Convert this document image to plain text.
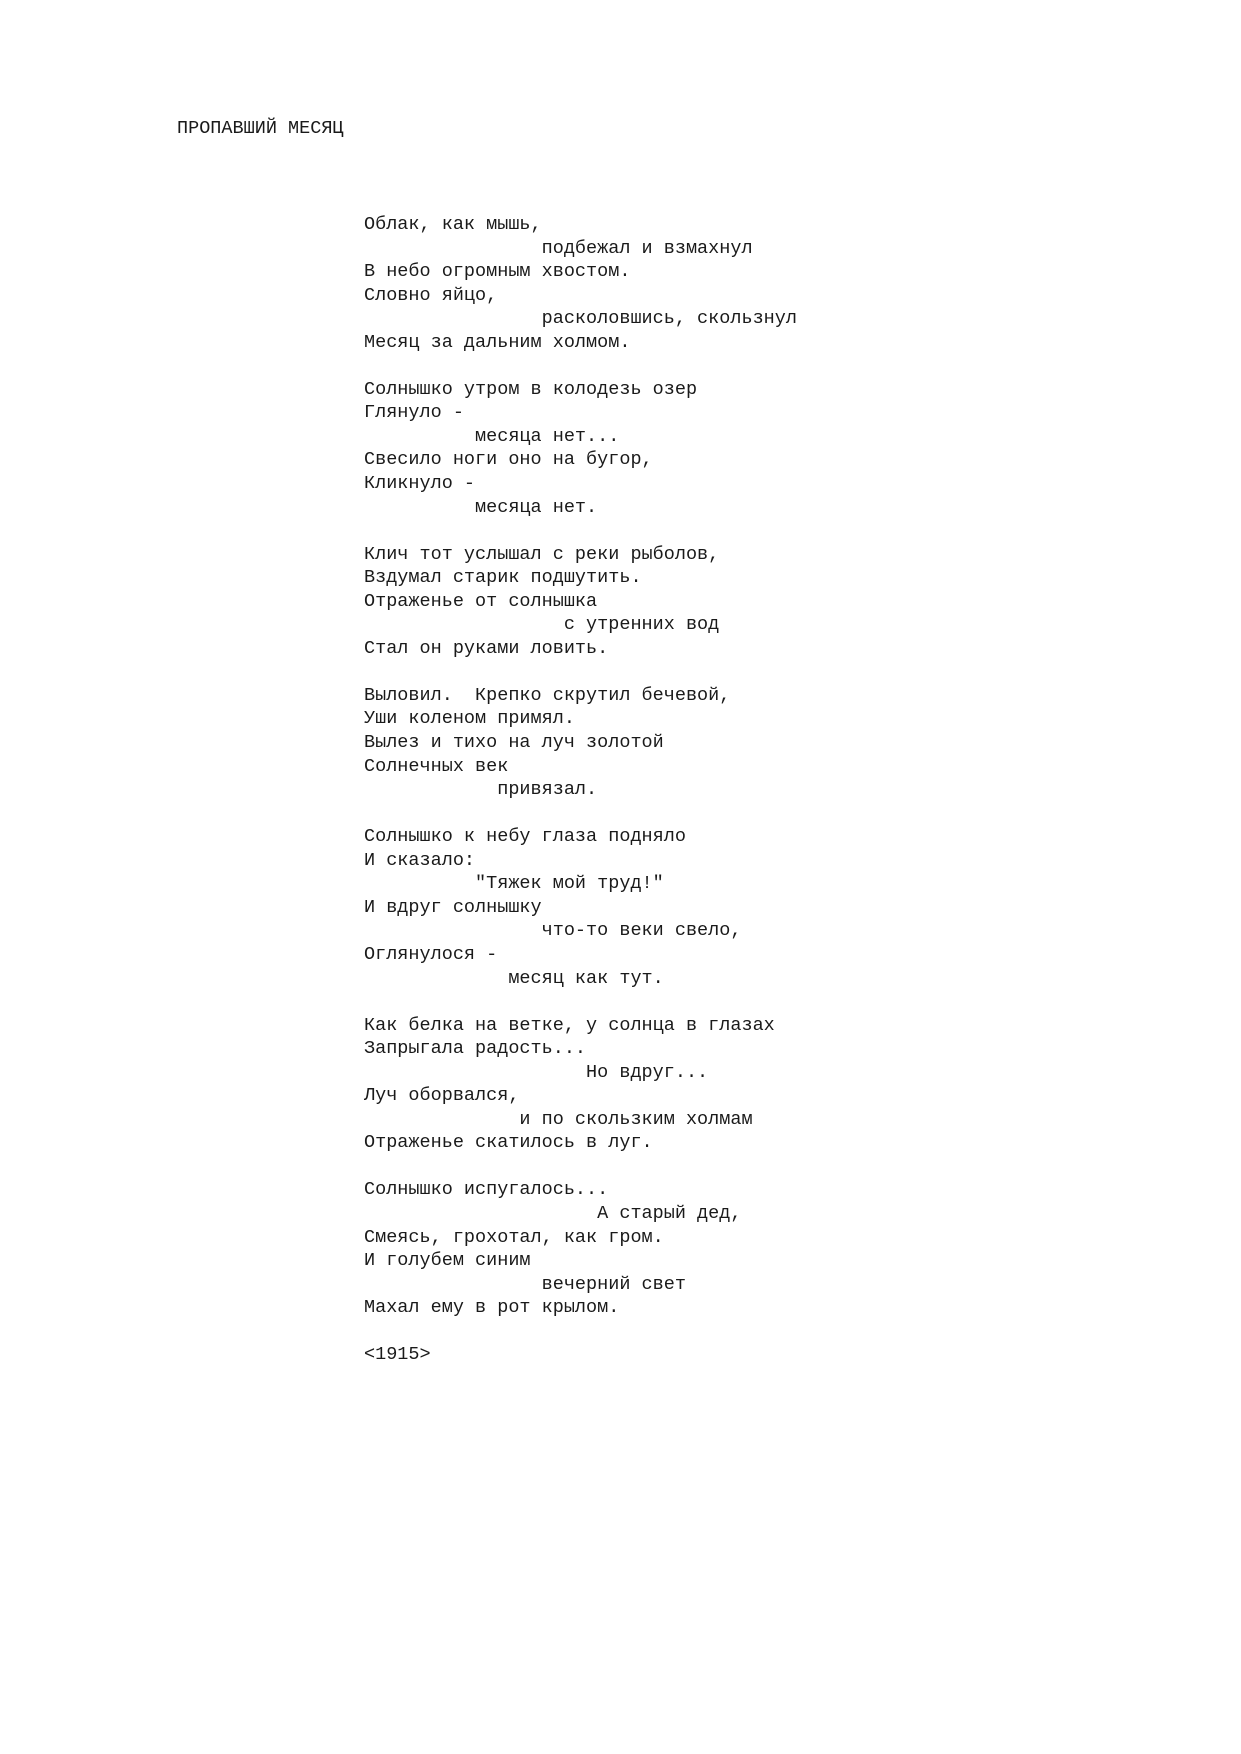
ПРОПАВШИЙ МЕСЯЦ
Облак, как мышь,
подбежал и взмахнул
В небо огромным хвостом.
Словно яйцо,
расколовшись, скользнул
Месяц за дальним холмом.
Солнышко утром в колодезь озер
Глянуло -
месяца нет...
Свесило ноги оно на бугор,
Кликнуло -
месяца нет.
Клич тот услышал с реки рыболов,
Вздумал старик подшутить.
Отраженье от солнышка
с утренних вод
Стал он руками ловить.
Выловил.  Крепко скрутил бечевой,
Уши коленом примял.
Вылез и тихо на луч золотой
Солнечных век
привязал.
Солнышко к небу глаза подняло
И сказало:
"Тяжек мой труд!"
И вдруг солнышку
что-то веки свело,
Оглянулося -
месяц как тут.
Как белка на ветке, у солнца в глазах
Запрыгала радость...
Но вдруг...
Луч оборвался,
и по скользким холмам
Отраженье скатилось в луг.
Солнышко испугалось...
А старый дед,
Смеясь, грохотал, как гром.
И голубем синим
вечерний свет
Махал ему в рот крылом.
<1915>
